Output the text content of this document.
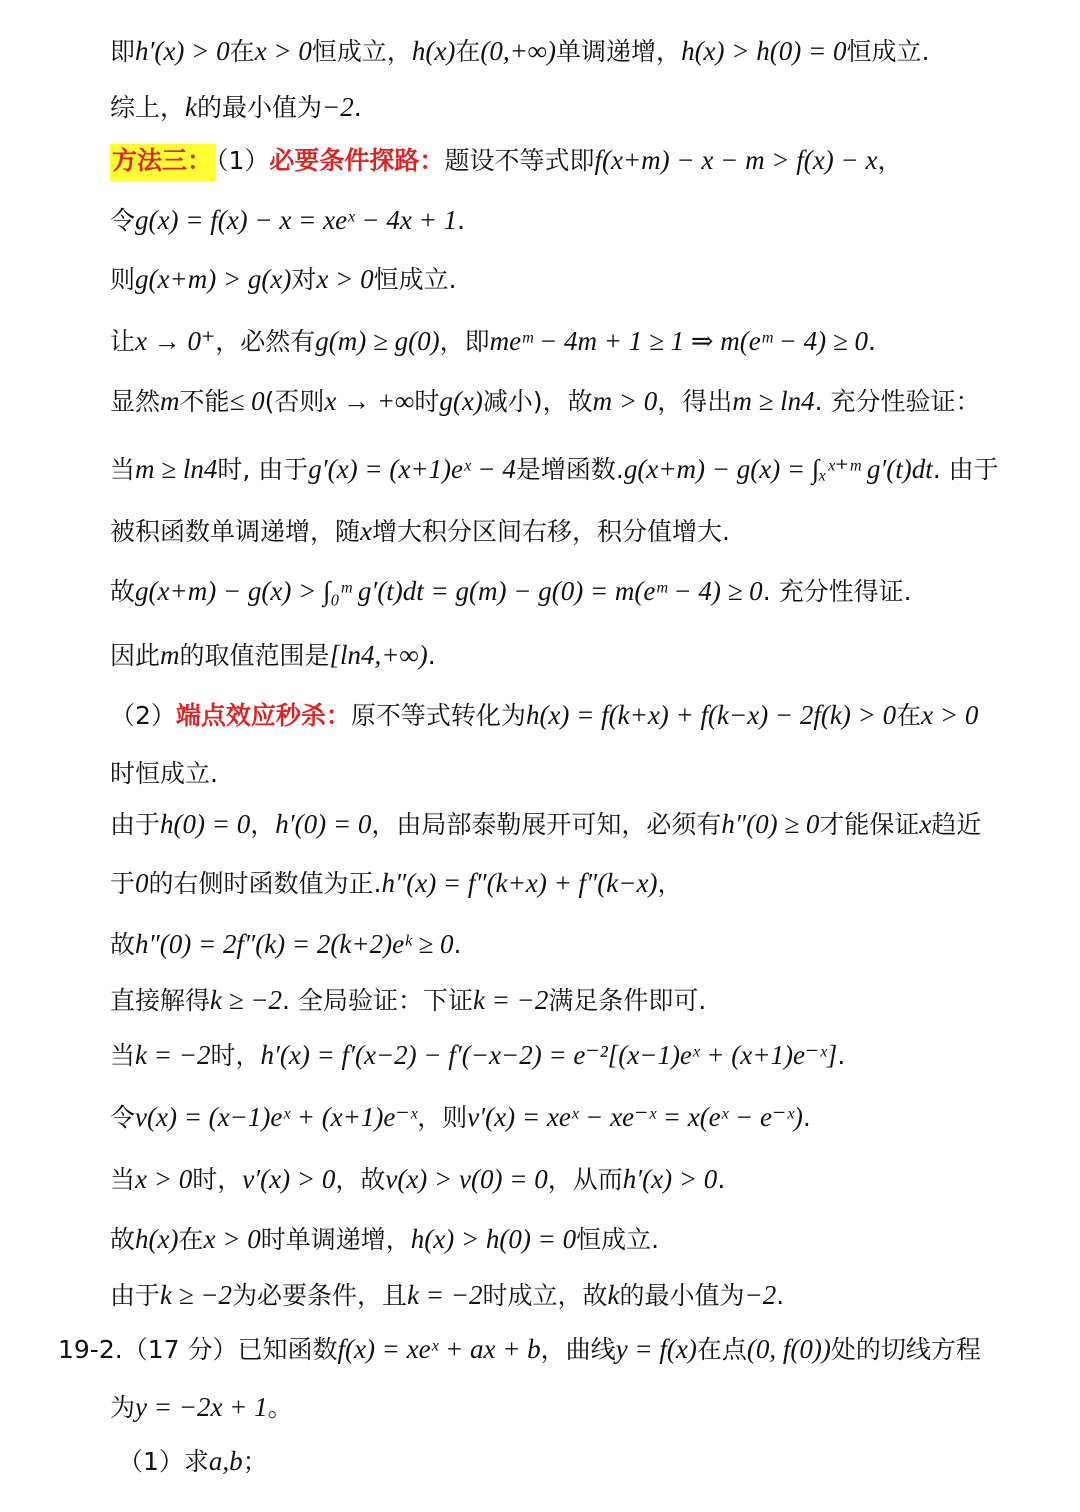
即h′(x) > 0在x > 0恒成立，h(x)在(0,+∞)单调递增，h(x) > h(0) = 0恒成立.
综上，k的最小值为−2.
方法三： （1）必要条件探路：题设不等式即f(x+m) − x − m > f(x) − x，
令g(x) = f(x) − x = xeˣ − 4x + 1.
则g(x+m) > g(x)对x > 0恒成立.
让x → 0⁺，必然有g(m) ≥ g(0)，即meᵐ − 4m + 1 ≥ 1 ⇒ m(eᵐ − 4) ≥ 0.
显然m不能≤ 0(否则x → +∞时g(x)减小)，故m > 0，得出m ≥ ln4. 充分性验证：
当m ≥ ln4时, 由于g′(x) = (x+1)eˣ − 4是增函数.g(x+m) − g(x) = ∫ₓˣ⁺ᵐ g′(t)dt. 由于
被积函数单调递增，随x增大积分区间右移，积分值增大.
故g(x+m) − g(x) > ∫₀ᵐ g′(t)dt = g(m) − g(0) = m(eᵐ − 4) ≥ 0. 充分性得证.
因此m的取值范围是[ln4,+∞).
（2）端点效应秒杀：原不等式转化为h(x) = f(k+x) + f(k−x) − 2f(k) > 0在x > 0
时恒成立.
由于h(0) = 0，h′(0) = 0，由局部泰勒展开可知，必须有h″(0) ≥ 0才能保证x趋近
于0的右侧时函数值为正.h″(x) = f″(k+x) + f″(k−x)，
故h″(0) = 2f″(k) = 2(k+2)eᵏ ≥ 0.
直接解得k ≥ −2. 全局验证：下证k = −2满足条件即可.
当k = −2时，h′(x) = f′(x−2) − f′(−x−2) = e⁻²[(x−1)eˣ + (x+1)e⁻ˣ].
令v(x) = (x−1)eˣ + (x+1)e⁻ˣ，则v′(x) = xeˣ − xe⁻ˣ = x(eˣ − e⁻ˣ).
当x > 0时，v′(x) > 0，故v(x) > v(0) = 0，从而h′(x) > 0.
故h(x)在x > 0时单调递增，h(x) > h(0) = 0恒成立.
由于k ≥ −2为必要条件，且k = −2时成立，故k的最小值为−2.
19-2.（17 分）已知函数f(x) = xeˣ + ax + b，曲线y = f(x)在点(0, f(0))处的切线方程
为y = −2x + 1。
（1）求a,b；
